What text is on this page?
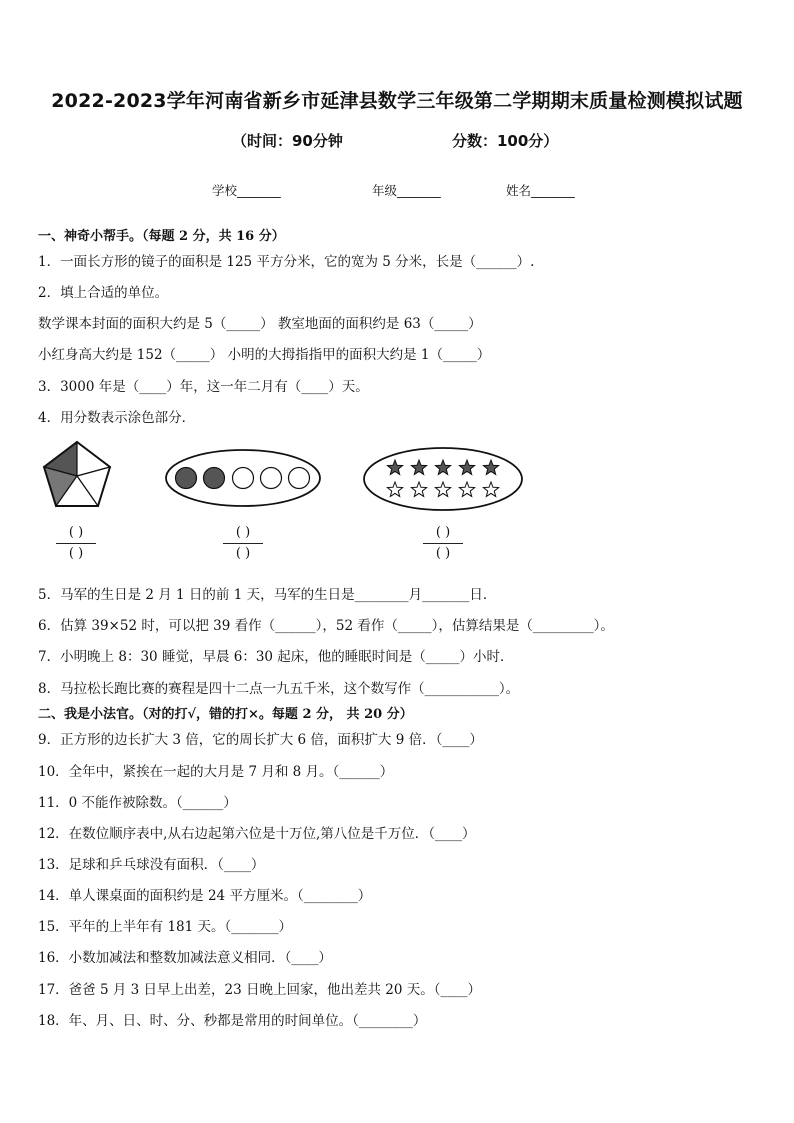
2022-2023学年河南省新乡市延津县数学三年级第二学期期末质量检测模拟试题
（时间：90分钟	分数：100分）
学校_______	年级_______	姓名_______
一、神奇小帮手。（每题 2 分，共 16 分）
1．一面长方形的镜子的面积是 125 平方分米，它的宽为 5 分米，长是（______）.
2．填上合适的单位。
数学课本封面的面积大约是 5（_____） 教室地面的面积约是 63（_____）
小红身高大约是 152（_____） 小明的大拇指指甲的面积大约是 1（_____）
3．3000 年是（____）年，这一年二月有（____）天。
4．用分数表示涂色部分．
( )
( )
( )
( )
( )
( )
5．马军的生日是 2 月 1 日的前 1 天，马军的生日是________月_______日．
6．估算 39×52 时，可以把 39 看作（______），52 看作（_____），估算结果是（_________）。
7．小明晚上 8：30 睡觉，早晨 6：30 起床，他的睡眠时间是（_____）小时．
8．马拉松长跑比赛的赛程是四十二点一九五千米，这个数写作（___________）。
二、我是小法官。（对的打√，错的打×。每题 2 分， 共 20 分）
9．正方形的边长扩大 3 倍，它的周长扩大 6 倍，面积扩大 9 倍．（____）
10．全年中，紧挨在一起的大月是 7 月和 8 月。（______）
11．0 不能作被除数。（______）
12．在数位顺序表中,从右边起第六位是十万位,第八位是千万位．（____）
13．足球和乒乓球没有面积．（____）
14．单人课桌面的面积约是 24 平方厘米。（________）
15．平年的上半年有 181 天。（_______）
16．小数加减法和整数加减法意义相同．（____）
17．爸爸 5 月 3 日早上出差，23 日晚上回家，他出差共 20 天。（____）
18．年、月、日、时、分、秒都是常用的时间单位。（________）
